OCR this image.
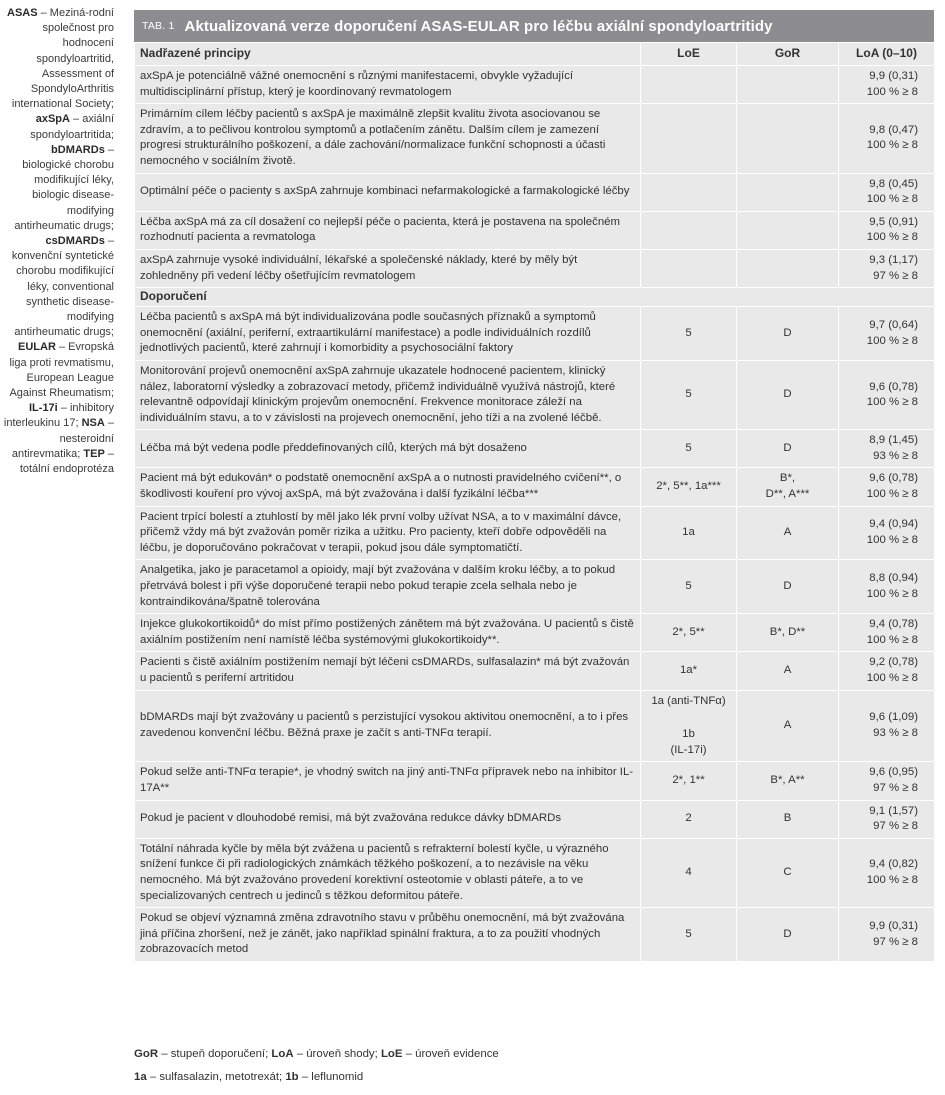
ASAS – Meziná-rodní společnost pro hodnocení spondyloartritid, Assessment of SpondyloArthritis international Society; axSpA – axiální spondyloartritida; bDMARDs – biologické chorobu modifikující léky, biologic disease-modifying antirheumatic drugs; csDMARDs – konvenční syntetické chorobu modifikující léky, conventional synthetic disease-modifying antirheumatic drugs; EULAR – Evropská liga proti revmatismu, European League Against Rheumatism; IL-17i – inhibitory interleukinu 17; NSA – nesteroidní antirevmatika; TEP – totální endoprotéza
TAB. 1 Aktualizovaná verze doporučení ASAS-EULAR pro léčbu axiální spondyloartritidy
Nadřazené principy	LoE	GoR	LoA (0–10)
axSpA je potenciálně vážné onemocnění s různými manifestacemi, obvykle vyžadující multidisciplinární přístup, který je koordinovaný revmatologem			9,9 (0,31)
100 % ≥ 8

Primárním cílem léčby pacientů s axSpA je maximálně zlepšit kvalitu života asociovanou se zdravím, a to pečlivou kontrolou symptomů a potlačením zánětu. Dalším cílem je zamezení progresi strukturálního poškození, a dále zachování/normalizace funkční schopnosti a účasti nemocného v sociálním životě.			9,8 (0,47)
100 % ≥ 8

Optimální péče o pacienty s axSpA zahrnuje kombinaci nefarmakologické a farmakologické léčby			9,8 (0,45)
100 % ≥ 8

Léčba axSpA má za cíl dosažení co nejlepší péče o pacienta, která je postavena na společném rozhodnutí pacienta a revmatologa			9,5 (0,91)
100 % ≥ 8

axSpA zahrnuje vysoké individuální, lékařské a společenské náklady, které by měly být zohledněny při vedení léčby ošetřujícím revmatologem			9,3 (1,17)
97 % ≥ 8

Doporučení			
Léčba pacientů s axSpA má být individualizována podle současných příznaků a symptomů onemocnění (axiální, periferní, extraartikulární manifestace) a podle individuálních rozdílů jednotlivých pacientů, které zahrnují i komorbidity a psychosociální faktory	5	D	9,7 (0,64)
100 % ≥ 8

Monitorování projevů onemocnění axSpA zahrnuje ukazatele hodnocené pacientem, klinický nález, laboratorní výsledky a zobrazovací metody, přičemž individuálně využívá nástrojů, které relevantně odpovídají klinickým projevům onemocnění. Frekvence monitorace záleží na individuálním stavu, a to v závislosti na projevech onemocnění, jeho tíži a na zvolené léčbě.	5	D	9,6 (0,78)
100 % ≥ 8

Léčba má být vedena podle předdefinovaných cílů, kterých má být dosaženo	5	D	8,9 (1,45)
93 % ≥ 8

Pacient má být edukován* o podstatě onemocnění axSpA a o nutnosti pravidelného cvičení**, o škodlivosti kouření pro vývoj axSpA, má být zvažována i další fyzikální léčba***	2*, 5**, 1a***	B*,
D**, A***	9,6 (0,78)
100 % ≥ 8

Pacient trpící bolestí a ztuhlostí by měl jako lék první volby užívat NSA, a to v maximální dávce, přičemž vždy má být zvažován poměr rizika a užitku. Pro pacienty, kteří dobře odpověděli na léčbu, je doporučováno pokračovat v terapii, pokud jsou dále symptomatičtí.	1a	A	9,4 (0,94)
100 % ≥ 8

Analgetika, jako je paracetamol a opioidy, mají být zvažována v dalším kroku léčby, a to pokud přetrvává bolest i při výše doporučené terapii nebo pokud terapie zcela selhala nebo je kontraindikována/špatně tolerována	5	D	8,8 (0,94)
100 % ≥ 8

Injekce glukokortikoidů* do míst přímo postižených zánětem má být zvažována. U pacientů s čistě axiálním postižením není namístě léčba systémovými glukokortikoidy**.	2*, 5**	B*, D**	9,4 (0,78)
100 % ≥ 8

Pacienti s čistě axiálním postižením nemají být léčeni csDMARDs, sulfasalazin* má být zvažován u pacientů s periferní artritidou	1a*	A	9,2 (0,78)
100 % ≥ 8

bDMARDs mají být zvažovány u pacientů s perzistující vysokou aktivitou onemocnění, a to i přes zavedenou konvenční léčbu. Běžná praxe je začít s anti-TNFα terapií.	1a (anti-TNFα)
1b
(IL-17i)	A	9,6 (1,09)
93 % ≥ 8

Pokud selže anti-TNFα terapie*, je vhodný switch na jiný anti-TNFα přípravek nebo na inhibitor IL-17A**	2*, 1**	B*, A**	9,6 (0,95)
97 % ≥ 8

Pokud je pacient v dlouhodobé remisi, má být zvažována redukce dávky bDMARDs	2	B	9,1 (1,57)
97 % ≥ 8

Totální náhrada kyčle by měla být zvážena u pacientů s refrakterní bolestí kyčle, u výrazného snížení funkce či při radiologických známkách těžkého poškození, a to nezávisle na věku nemocného. Má být zvažováno provedení korektivní osteotomie v oblasti páteře, a to ve specializovaných centrech u jedinců s těžkou deformitou páteře.	4	C	9,4 (0,82)
100 % ≥ 8

Pokud se objeví významná změna zdravotního stavu v průběhu onemocnění, má být zvažována jiná příčina zhoršení, než je zánět, jako například spinální fraktura, a to za použití vhodných zobrazovacích metod	5	D	9,9 (0,31)
97 % ≥ 8
GoR – stupeň doporučení; LoA – úroveň shody; LoE – úroveň evidence
1a – sulfasalazin, metotrexát; 1b – leflunomid
